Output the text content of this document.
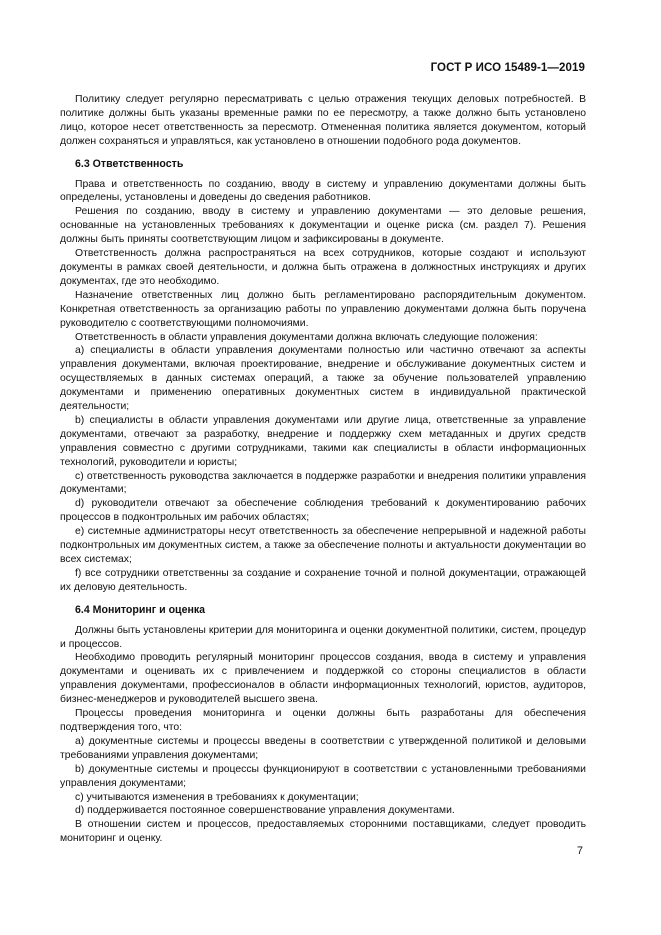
ГОСТ Р ИСО 15489-1—2019

Политику следует регулярно пересматривать с целью отражения текущих деловых потребностей. В политике должны быть указаны временные рамки по ее пересмотру, а также должно быть установлено лицо, которое несет ответственность за пересмотр. Отмененная политика является документом, который должен сохраняться и управляться, как установлено в отношении подобного рода документов.

6.3 Ответственность

Права и ответственность по созданию, вводу в систему и управлению документами должны быть определены, установлены и доведены до сведения работников.

Решения по созданию, вводу в систему и управлению документами — это деловые решения, основанные на установленных требованиях к документации и оценке риска (см. раздел 7). Решения должны быть приняты соответствующим лицом и зафиксированы в документе.

Ответственность должна распространяться на всех сотрудников, которые создают и используют документы в рамках своей деятельности, и должна быть отражена в должностных инструкциях и других документах, где это необходимо.

Назначение ответственных лиц должно быть регламентировано распорядительным документом. Конкретная ответственность за организацию работы по управлению документами должна быть поручена руководителю с соответствующими полномочиями.

Ответственность в области управления документами должна включать следующие положения:

a) специалисты в области управления документами полностью или частично отвечают за аспекты управления документами, включая проектирование, внедрение и обслуживание документных систем и осуществляемых в данных системах операций, а также за обучение пользователей управлению документами и применению оперативных документных систем в индивидуальной практической деятельности;

b) специалисты в области управления документами или другие лица, ответственные за управление документами, отвечают за разработку, внедрение и поддержку схем метаданных и других средств управления совместно с другими сотрудниками, такими как специалисты в области информационных технологий, руководители и юристы;

c) ответственность руководства заключается в поддержке разработки и внедрения политики управления документами;

d) руководители отвечают за обеспечение соблюдения требований к документированию рабочих процессов в подконтрольных им рабочих областях;

e) системные администраторы несут ответственность за обеспечение непрерывной и надежной работы подконтрольных им документных систем, а также за обеспечение полноты и актуальности документации во всех системах;

f) все сотрудники ответственны за создание и сохранение точной и полной документации, отражающей их деловую деятельность.

6.4 Мониторинг и оценка

Должны быть установлены критерии для мониторинга и оценки документной политики, систем, процедур и процессов.

Необходимо проводить регулярный мониторинг процессов создания, ввода в систему и управления документами и оценивать их с привлечением и поддержкой со стороны специалистов в области управления документами, профессионалов в области информационных технологий, юристов, аудиторов, бизнес-менеджеров и руководителей высшего звена.

Процессы проведения мониторинга и оценки должны быть разработаны для обеспечения подтверждения того, что:

a) документные системы и процессы введены в соответствии с утвержденной политикой и деловыми требованиями управления документами;

b) документные системы и процессы функционируют в соответствии с установленными требованиями управления документами;

c) учитываются изменения в требованиях к документации;

d) поддерживается постоянное совершенствование управления документами.

В отношении систем и процессов, предоставляемых сторонними поставщиками, следует проводить мониторинг и оценку.

7
